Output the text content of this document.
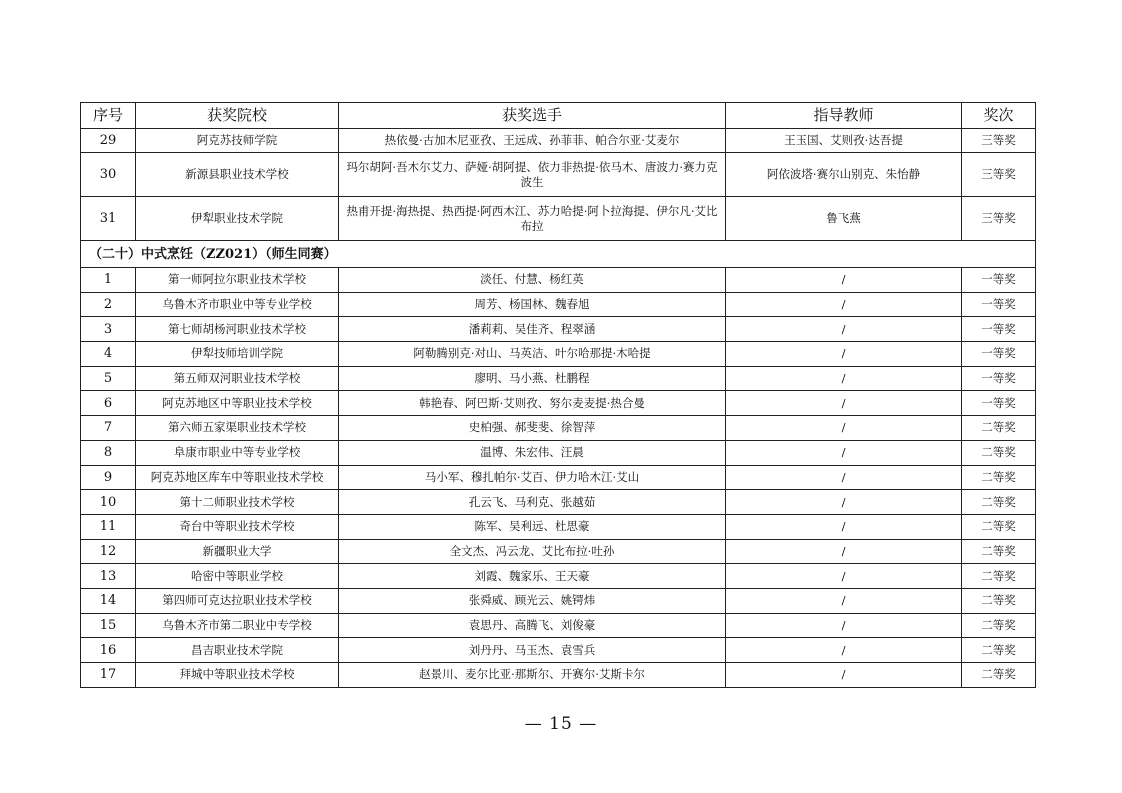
序号	获奖院校	获奖选手	指导教师	奖次
29	阿克苏技师学院	热依曼·古加木尼亚孜、王远成、孙菲菲、帕合尔亚·艾麦尔	王玉国、艾则孜·达吾提	三等奖
30	新源县职业技术学校	玛尔胡阿·吾木尔艾力、萨娅·胡阿提、依力非热提·依马木、唐波力·赛力克波生	阿依波塔·赛尔山别克、朱怡静	三等奖
31	伊犁职业技术学院	热甫开提·海热提、热西提·阿西木江、苏力哈提·阿卜拉海提、伊尔凡·艾比布拉	鲁飞燕	三等奖
（二十）中式烹饪（ZZ021）（师生同赛）				
1	第一师阿拉尔职业技术学校	淡任、付慧、杨红英	/	一等奖
2	乌鲁木齐市职业中等专业学校	周芳、杨国林、魏春旭	/	一等奖
3	第七师胡杨河职业技术学校	潘莉莉、吴佳齐、程翠涵	/	一等奖
4	伊犁技师培训学院	阿勒腾别克·对山、马英洁、叶尔哈那提·木哈提	/	一等奖
5	第五师双河职业技术学校	廖明、马小燕、杜鹏程	/	一等奖
6	阿克苏地区中等职业技术学校	韩艳春、阿巴斯·艾则孜、努尔麦麦提·热合曼	/	一等奖
7	第六师五家渠职业技术学校	史柏强、郝斐斐、徐智萍	/	二等奖
8	阜康市职业中等专业学校	温博、朱宏伟、汪晨	/	二等奖
9	阿克苏地区库车中等职业技术学校	马小军、穆扎帕尔·艾百、伊力哈木江·艾山	/	二等奖
10	第十二师职业技术学校	孔云飞、马利克、张越茹	/	二等奖
11	奇台中等职业技术学校	陈军、吴利远、杜思豪	/	二等奖
12	新疆职业大学	全文杰、冯云龙、艾比布拉·吐孙	/	二等奖
13	哈密中等职业学校	刘霞、魏家乐、王天豪	/	二等奖
14	第四师可克达拉职业技术学校	张舜威、顾光云、姚锷炜	/	二等奖
15	乌鲁木齐市第二职业中专学校	袁思丹、高腾飞、刘俊豪	/	二等奖
16	昌吉职业技术学院	刘丹丹、马玉杰、袁雪兵	/	二等奖
17	拜城中等职业技术学校	赵景川、麦尔比亚·那斯尔、开赛尔·艾斯卡尔	/	二等奖
— 15 —
